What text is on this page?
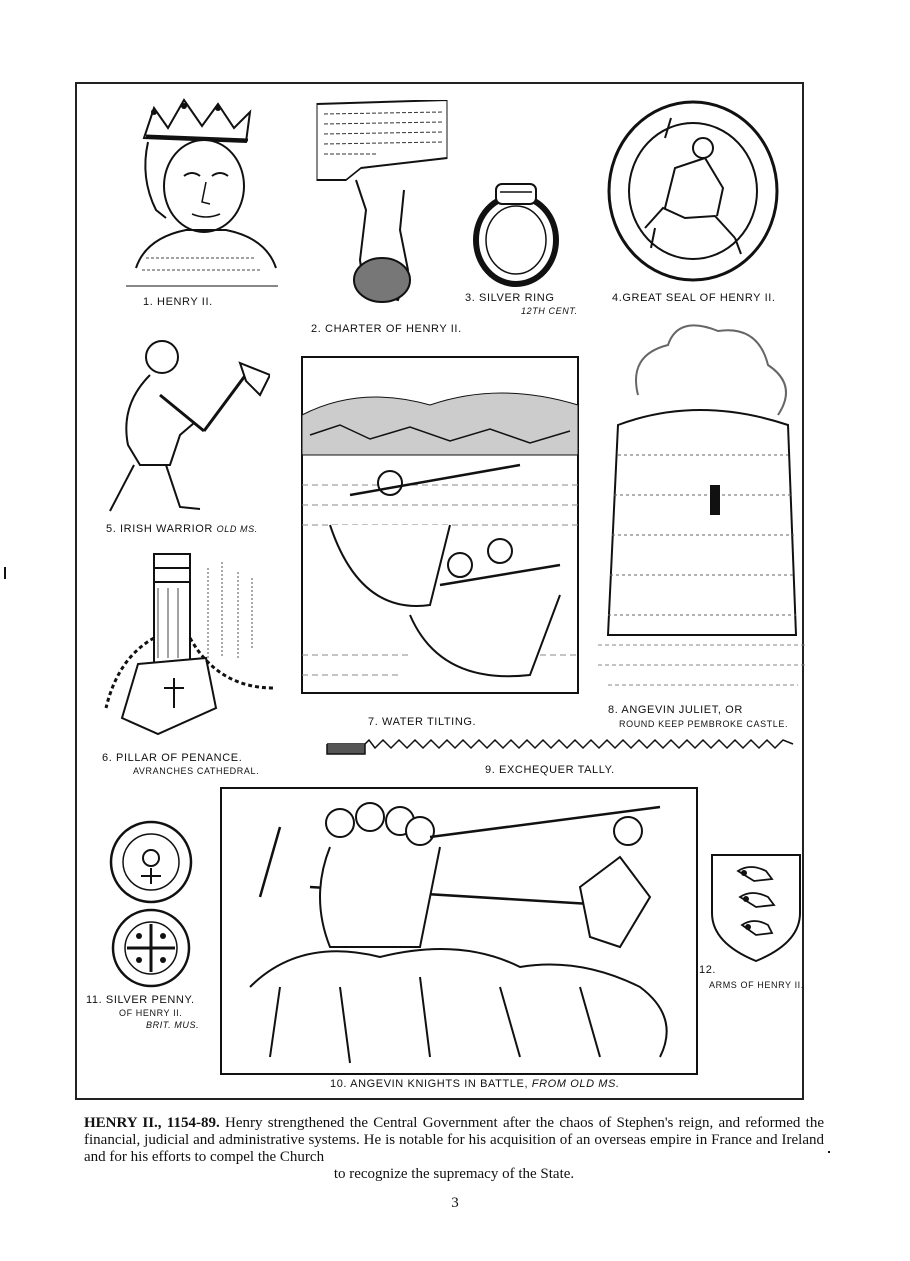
1. HENRY II.
2. CHARTER OF HENRY II.
3. SILVER RING
12TH CENT.
4.GREAT SEAL OF HENRY II.
5. IRISH WARRIOR OLD MS.
6. PILLAR OF PENANCE.
AVRANCHES CATHEDRAL.
7. WATER TILTING.
8. ANGEVIN JULIET, OR
ROUND KEEP PEMBROKE CASTLE.
9. EXCHEQUER TALLY.
10. ANGEVIN KNIGHTS IN BATTLE, FROM OLD MS.
11. SILVER PENNY.
OF HENRY II.
BRIT. MUS.
12.
ARMS OF HENRY II.
HENRY II., 1154-89. Henry strengthened the Central Government after the chaos of Stephen's reign, and reformed the financial, judicial and administrative systems. He is notable for his acquisition of an overseas empire in France and Ireland and for his efforts to compel the Church
to recognize the supremacy of the State.
3
